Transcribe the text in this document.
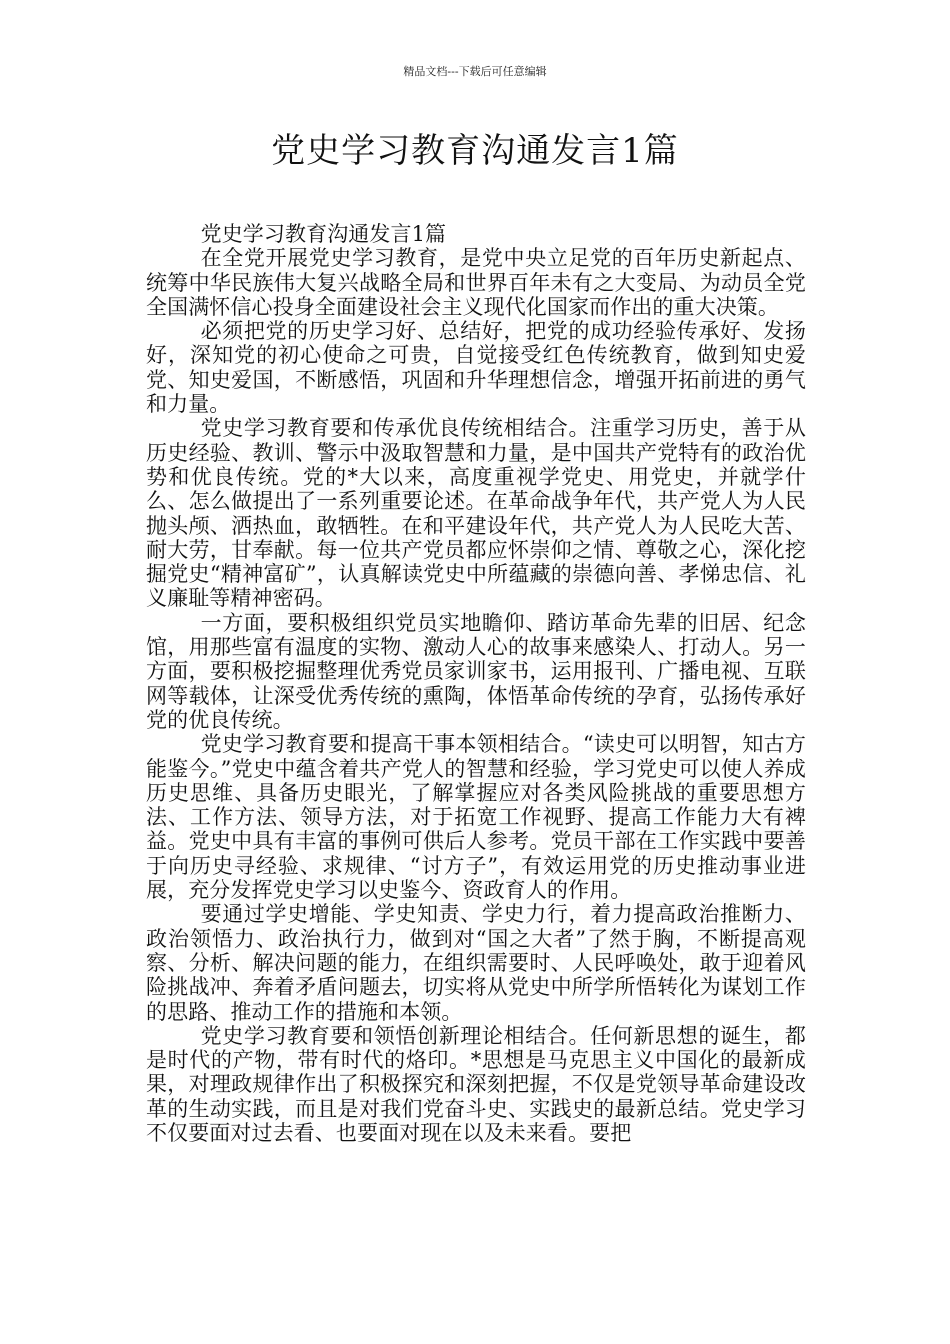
精品文档---下载后可任意编辑
党史学习教育沟通发言1篇

党史学习教育沟通发言1篇

在全党开展党史学习教育，是党中央立足党的百年历史新起点、统筹中华民族伟大复兴战略全局和世界百年未有之大变局、为动员全党全国满怀信心投身全面建设社会主义现代化国家而作出的重大决策。

必须把党的历史学习好、总结好，把党的成功经验传承好、发扬好，深知党的初心使命之可贵，自觉接受红色传统教育，做到知史爱党、知史爱国，不断感悟，巩固和升华理想信念，增强开拓前进的勇气和力量。

党史学习教育要和传承优良传统相结合。注重学习历史，善于从历史经验、教训、警示中汲取智慧和力量，是中国共产党特有的政治优势和优良传统。党的*大以来，高度重视学党史、用党史，并就学什么、怎么做提出了一系列重要论述。在革命战争年代，共产党人为人民抛头颅、洒热血，敢牺牲。在和平建设年代，共产党人为人民吃大苦、耐大劳，甘奉献。每一位共产党员都应怀崇仰之情、尊敬之心，深化挖掘党史“精神富矿”，认真解读党史中所蕴藏的崇德向善、孝悌忠信、礼义廉耻等精神密码。

一方面，要积极组织党员实地瞻仰、踏访革命先辈的旧居、纪念馆，用那些富有温度的实物、激动人心的故事来感染人、打动人。另一方面，要积极挖掘整理优秀党员家训家书，运用报刊、广播电视、互联网等载体，让深受优秀传统的熏陶，体悟革命传统的孕育，弘扬传承好党的优良传统。

党史学习教育要和提高干事本领相结合。“读史可以明智，知古方能鉴今。”党史中蕴含着共产党人的智慧和经验，学习党史可以使人养成历史思维、具备历史眼光，了解掌握应对各类风险挑战的重要思想方法、工作方法、领导方法，对于拓宽工作视野、提高工作能力大有裨益。党史中具有丰富的事例可供后人参考。党员干部在工作实践中要善于向历史寻经验、求规律、“讨方子”，有效运用党的历史推动事业进展，充分发挥党史学习以史鉴今、资政育人的作用。

要通过学史增能、学史知责、学史力行，着力提高政治推断力、政治领悟力、政治执行力，做到对“国之大者”了然于胸，不断提高观察、分析、解决问题的能力，在组织需要时、人民呼唤处，敢于迎着风险挑战冲、奔着矛盾问题去，切实将从党史中所学所悟转化为谋划工作的思路、推动工作的措施和本领。

党史学习教育要和领悟创新理论相结合。任何新思想的诞生，都是时代的产物，带有时代的烙印。*思想是马克思主义中国化的最新成果，对理政规律作出了积极探究和深刻把握，不仅是党领导革命建设改革的生动实践，而且是对我们党奋斗史、实践史的最新总结。党史学习不仅要面对过去看、也要面对现在以及未来看。要把
